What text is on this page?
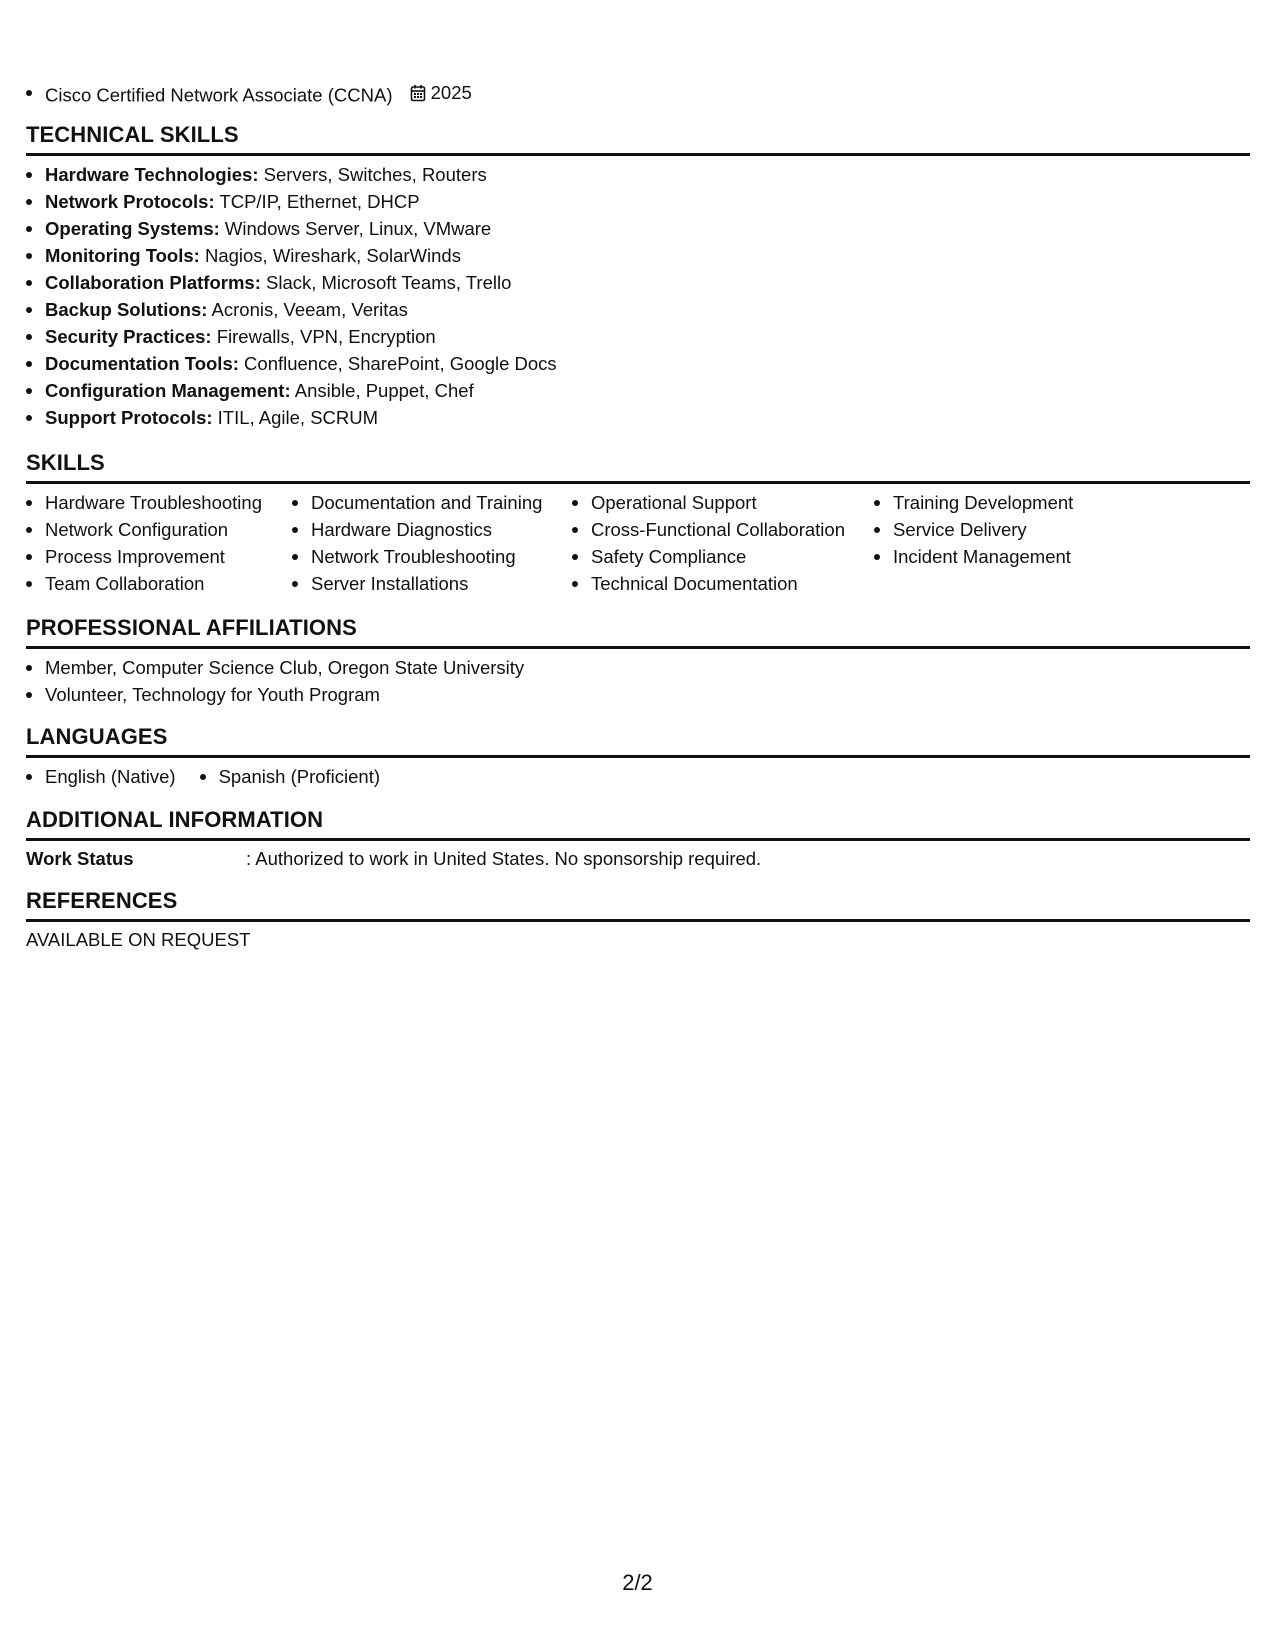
Cisco Certified Network Associate (CCNA) 2025
TECHNICAL SKILLS
Hardware Technologies: Servers, Switches, Routers
Network Protocols: TCP/IP, Ethernet, DHCP
Operating Systems: Windows Server, Linux, VMware
Monitoring Tools: Nagios, Wireshark, SolarWinds
Collaboration Platforms: Slack, Microsoft Teams, Trello
Backup Solutions: Acronis, Veeam, Veritas
Security Practices: Firewalls, VPN, Encryption
Documentation Tools: Confluence, SharePoint, Google Docs
Configuration Management: Ansible, Puppet, Chef
Support Protocols: ITIL, Agile, SCRUM
SKILLS
Hardware Troubleshooting
Network Configuration
Process Improvement
Team Collaboration
Documentation and Training
Hardware Diagnostics
Network Troubleshooting
Server Installations
Operational Support
Cross-Functional Collaboration
Safety Compliance
Technical Documentation
Training Development
Service Delivery
Incident Management
PROFESSIONAL AFFILIATIONS
Member, Computer Science Club, Oregon State University
Volunteer, Technology for Youth Program
LANGUAGES
English (Native)	Spanish (Proficient)
ADDITIONAL INFORMATION
Work Status	: Authorized to work in United States. No sponsorship required.
REFERENCES
AVAILABLE ON REQUEST
2/2
